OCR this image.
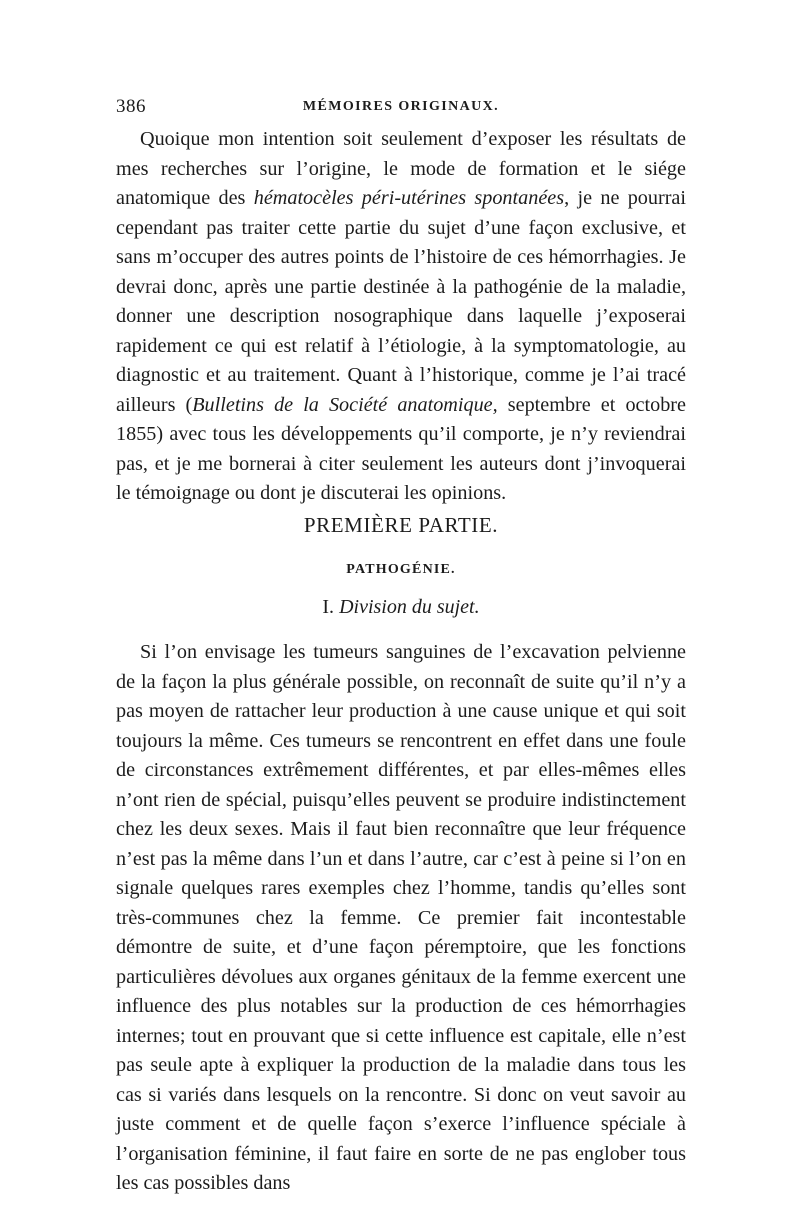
386	MÉMOIRES ORIGINAUX.

Quoique mon intention soit seulement d’exposer les résultats de mes recherches sur l’origine, le mode de formation et le siége anatomique des hématocèles péri-utérines spontanées, je ne pourrai cependant pas traiter cette partie du sujet d’une façon exclusive, et sans m’occuper des autres points de l’histoire de ces hémorrhagies. Je devrai donc, après une partie destinée à la pathogénie de la maladie, donner une description nosographique dans laquelle j’exposerai rapidement ce qui est relatif à l’étiologie, à la symptomatologie, au diagnostic et au traitement. Quant à l’historique, comme je l’ai tracé ailleurs (Bulletins de la Société anatomique, septembre et octobre 1855) avec tous les développements qu’il comporte, je n’y reviendrai pas, et je me bornerai à citer seulement les auteurs dont j’invoquerai le témoignage ou dont je discuterai les opinions.

PREMIÈRE PARTIE.
PATHOGÉNIE.
I. Division du sujet.

Si l’on envisage les tumeurs sanguines de l’excavation pelvienne de la façon la plus générale possible, on reconnaît de suite qu’il n’y a pas moyen de rattacher leur production à une cause unique et qui soit toujours la même. Ces tumeurs se rencontrent en effet dans une foule de circonstances extrêmement différentes, et par elles-mêmes elles n’ont rien de spécial, puisqu’elles peuvent se produire indistinctement chez les deux sexes. Mais il faut bien reconnaître que leur fréquence n’est pas la même dans l’un et dans l’autre, car c’est à peine si l’on en signale quelques rares exemples chez l’homme, tandis qu’elles sont très-communes chez la femme. Ce premier fait incontestable démontre de suite, et d’une façon péremptoire, que les fonctions particulières dévolues aux organes génitaux de la femme exercent une influence des plus notables sur la production de ces hémorrhagies internes; tout en prouvant que si cette influence est capitale, elle n’est pas seule apte à expliquer la production de la maladie dans tous les cas si variés dans lesquels on la rencontre. Si donc on veut savoir au juste comment et de quelle façon s’exerce l’influence spéciale à l’organisation féminine, il faut faire en sorte de ne pas englober tous les cas possibles dans
